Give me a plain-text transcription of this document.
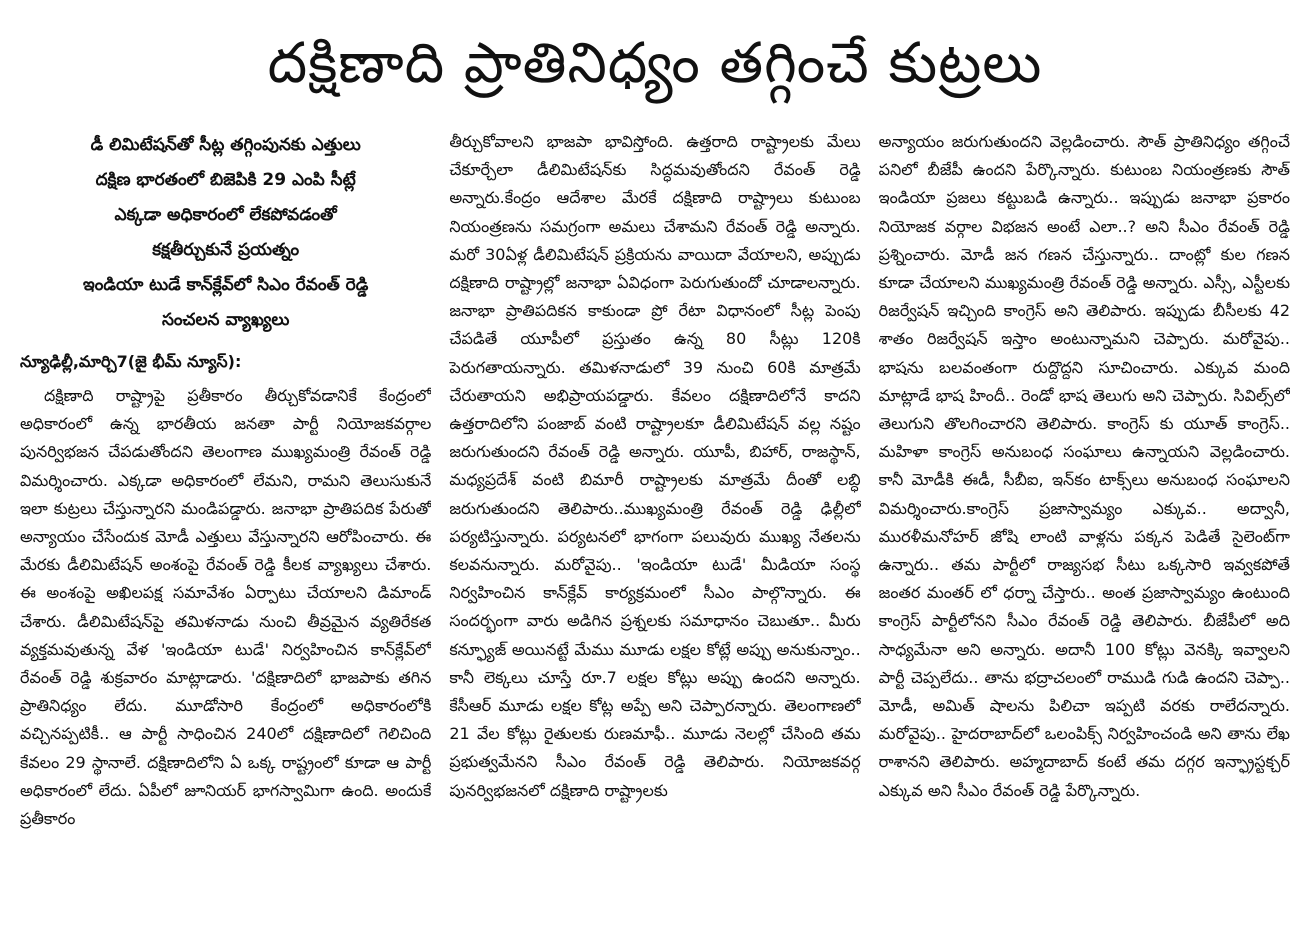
దక్షిణాది ప్రాతినిధ్యం తగ్గించే కుట్రలు
డీ లిమిటేషన్‌తో సీట్ల తగ్గింపునకు ఎత్తులు
దక్షిణ భారతంలో బిజెపికి 29 ఎంపి సీట్లే
ఎక్కడా అధికారంలో లేకపోవడంతో
కక్షతీర్చుకునే ప్రయత్నం
ఇండియా టుడే కాన్‌క్లేవ్‌లో సిఎం రేవంత్ రెడ్డి
సంచలన వ్యాఖ్యలు
న్యూఢిల్లీ,మార్చి7(జై భీమ్ న్యూస్):

దక్షిణాది రాష్ట్రాపై ప్రతీకారం తీర్చుకోవడానికే కేంద్రంలో అధికారంలో ఉన్న భారతీయ జనతా పార్టీ నియోజకవర్గాల పునర్విభజన చేపడుతోందని తెలంగాణ ముఖ్యమంత్రి రేవంత్ రెడ్డి విమర్శించారు. ఎక్కడా అధికారంలో లేమని, రామని తెలుసుకునే ఇలా కుట్రలు చేస్తున్నారని మండిపడ్డారు. జనాభా ప్రాతిపదిక పేరుతో అన్యాయం చేసేందుక మోడీ ఎత్తులు వేస్తున్నారని ఆరోపించారు. ఈ మేరకు డీలిమిటేషన్ అంశంపై రేవంత్ రెడ్డి కీలక వ్యాఖ్యలు చేశారు. ఈ అంశంపై అఖిలపక్ష సమావేశం ఏర్పాటు చేయాలని డిమాండ్ చేశారు. డీలిమిటేషన్‌పై తమిళనాడు నుంచి తీవ్రమైన వ్యతిరేకత వ్యక్తమవుతున్న వేళ 'ఇండియా టుడే' నిర్వహించిన కాన్‌క్లేవ్‌లో రేవంత్ రెడ్డి శుక్రవారం మాట్లాడారు. 'దక్షిణాదిలో భాజపాకు తగిన ప్రాతినిధ్యం లేదు. మూడోసారి కేంద్రంలో అధికారంలోకి వచ్చినప్పటికీ.. ఆ పార్టీ సాధించిన 240లో దక్షిణాదిలో గెలిచింది కేవలం 29 స్థానాలే. దక్షిణాదిలోని ఏ ఒక్క రాష్ట్రంలో కూడా ఆ పార్టీ అధికారంలో లేదు. ఏపీలో జూనియర్ భాగస్వామిగా ఉంది. అందుకే ప్రతీకారం

తీర్చుకోవాలని భాజపా భావిస్తోంది. ఉత్తరాది రాష్ట్రాలకు మేలు చేకూర్చేలా డీలిమిటేషన్‌కు సిద్ధమవుతోందని రేవంత్ రెడ్డి అన్నారు.కేంద్రం ఆదేశాల మేరకే దక్షిణాది రాష్ట్రాలు కుటుంబ నియంత్రణను సమగ్రంగా అమలు చేశామని రేవంత్ రెడ్డి అన్నారు. మరో 30ఏళ్ల డీలిమిటేషన్ ప్రక్రియను వాయిదా వేయాలని, అప్పుడు దక్షిణాది రాష్ట్రాల్లో జనాభా ఏవిధంగా పెరుగుతుందో చూడాలన్నారు. జనాభా ప్రాతిపదికన కాకుండా ప్రో రేటా విధానంలో సీట్ల పెంపు చేపడితే యూపీలో ప్రస్తుతం ఉన్న 80 సీట్లు 120కి పెరుగతాయన్నారు. తమిళనాడులో 39 నుంచి 60కి మాత్రమే చేరుతాయని అభిప్రాయపడ్డారు. కేవలం దక్షిణాదిలోనే కాదని ఉత్తరాదిలోని పంజాబ్ వంటి రాష్ట్రాలకూ డీలిమిటేషన్ వల్ల నష్టం జరుగుతుందని రేవంత్ రెడ్డి అన్నారు. యూపీ, బిహార్, రాజస్థాన్, మధ్యప్రదేశ్ వంటి బిమారీ రాష్ట్రాలకు మాత్రమే దీంతో లబ్ధి జరుగుతుందని తెలిపారు..ముఖ్యమంత్రి రేవంత్ రెడ్డి ఢిల్లీలో పర్యటిస్తున్నారు. పర్యటనలో భాగంగా పలువురు ముఖ్య నేతలను కలవనున్నారు. మరోవైపు.. 'ఇండియా టుడే' మీడియా సంస్థ నిర్వహించిన కాన్‌క్లేవ్ కార్యక్రమంలో సీఎం పాల్గొన్నారు. ఈ సందర్భంగా వారు అడిగిన ప్రశ్నలకు సమాధానం చెబుతూ.. మీరు కన్ఫ్యూజ్ అయినట్టే మేము మూడు లక్షల కోట్లే అప్పు అనుకున్నాం.. కానీ లెక్కలు చూస్తే రూ.7 లక్షల కోట్లు అప్పు ఉందని అన్నారు. కేసీఆర్ మూడు లక్షల కోట్ల అప్పే అని చెప్పారన్నారు. తెలంగాణలో 21 వేల కోట్లు రైతులకు రుణమాఫీ.. మూడు నెలల్లో చేసింది తమ ప్రభుత్వమేనని సీఎం రేవంత్ రెడ్డి తెలిపారు. నియోజకవర్గ పునర్విభజనలో దక్షిణాది రాష్ట్రాలకు

అన్యాయం జరుగుతుందని వెల్లడించారు. సౌత్ ప్రాతినిధ్యం తగ్గించే పనిలో బీజేపీ ఉందని పేర్కొన్నారు. కుటుంబ నియంత్రణకు సౌత్ ఇండియా ప్రజలు కట్టుబడి ఉన్నారు.. ఇప్పుడు జనాభా ప్రకారం నియోజక వర్గాల విభజన అంటే ఎలా..? అని సీఎం రేవంత్ రెడ్డి ప్రశ్నించారు. మోడీ జన గణన చేస్తున్నారు.. దాంట్లో కుల గణన కూడా చేయాలని ముఖ్యమంత్రి రేవంత్ రెడ్డి అన్నారు. ఎస్సీ, ఎస్టీలకు రిజర్వేషన్ ఇచ్చింది కాంగ్రెస్ అని తెలిపారు. ఇప్పుడు బీసీలకు 42 శాతం రిజర్వేషన్ ఇస్తాం అంటున్నామని చెప్పారు. మరోవైపు.. భాషను బలవంతంగా రుద్దొద్దని సూచించారు. ఎక్కువ మంది మాట్లాడే భాష హిందీ.. రెండో భాష తెలుగు అని చెప్పారు. సివిల్స్‌లో తెలుగుని తొలగించారని తెలిపారు. కాంగ్రెస్ కు యూత్ కాంగ్రెస్.. మహిళా కాంగ్రెస్ అనుబంధ సంఘాలు ఉన్నాయని వెల్లడించారు. కానీ మోడీకి ఈడీ, సీబీఐ, ఇన్‌కం టాక్స్‌లు అనుబంధ సంఘాలని విమర్శించారు.కాంగ్రెస్ ప్రజాస్వామ్యం ఎక్కువ.. అద్వానీ, మురళీమనోహర్ జోషి లాంటి వాళ్లను పక్కన పెడితే సైలెంట్‌గా ఉన్నారు.. తమ పార్టీలో రాజ్యసభ సీటు ఒక్కసారి ఇవ్వకపోతే జంతర మంతర్ లో ధర్నా చేస్తారు.. అంత ప్రజాస్వామ్యం ఉంటుంది కాంగ్రెస్ పార్టీలోనని సీఎం రేవంత్ రెడ్డి తెలిపారు. బీజేపీలో అది సాధ్యమేనా అని అన్నారు. అదానీ 100 కోట్లు వెనక్కి ఇవ్వాలని పార్టీ చెప్పలేదు.. తాను భద్రాచలంలో రాముడి గుడి ఉందని చెప్పా.. మోడీ, అమిత్ షాలను పిలిచా ఇప్పటి వరకు రాలేదన్నారు. మరోవైపు.. హైదరాబాద్‌లో ఒలంపిక్స్ నిర్వహించండి అని తాను లేఖ రాశానని తెలిపారు. అహ్మదాబాద్ కంటే తమ దగ్గర ఇన్ఫ్రాస్టక్చర్ ఎక్కువ అని సీఎం రేవంత్ రెడ్డి పేర్కొన్నారు.
